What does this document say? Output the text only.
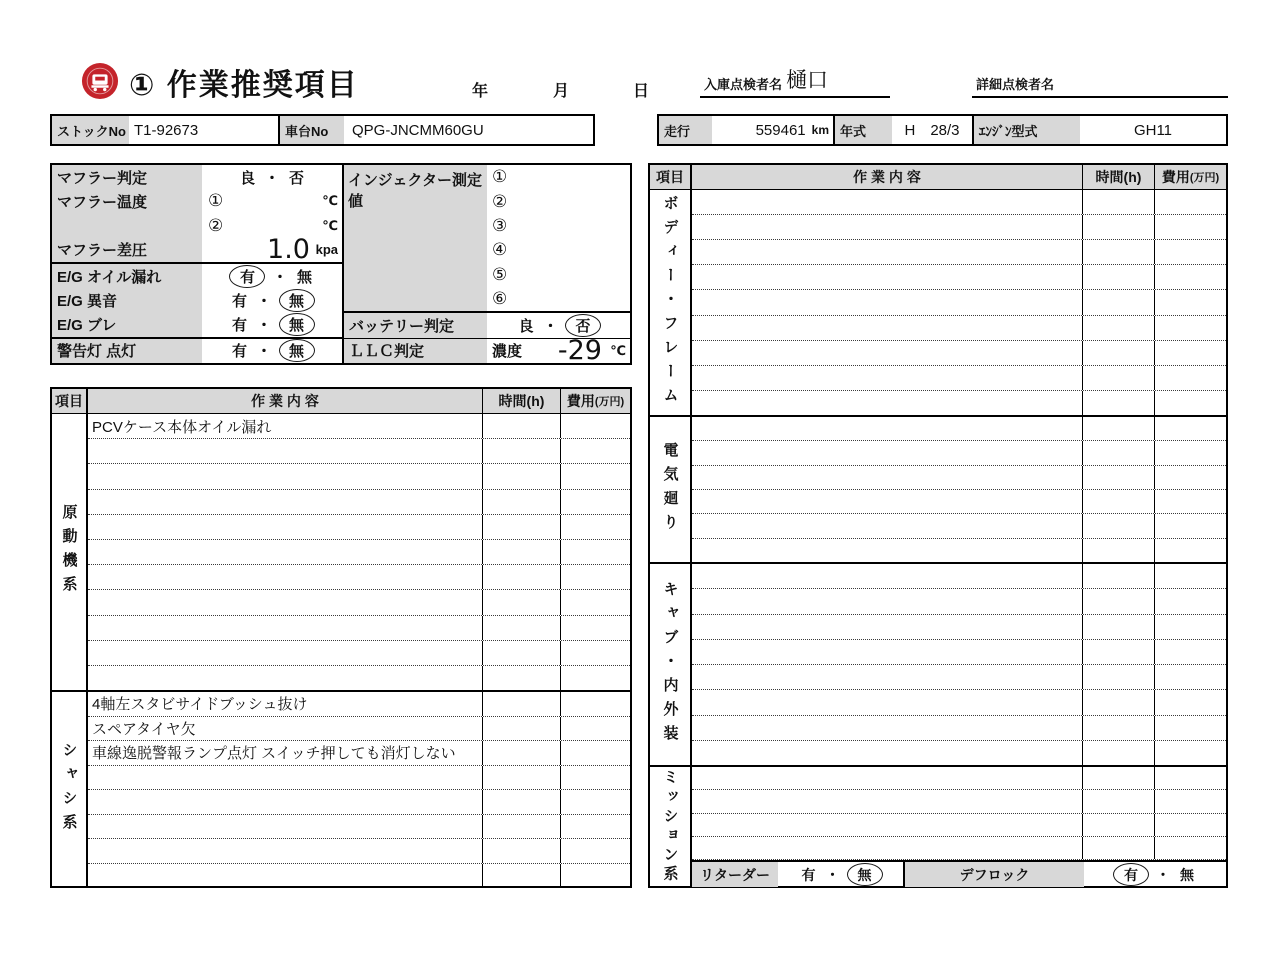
① 作業推奨項目	年	月	日	入庫点検者名 樋口	詳細点検者名
ストックNo T1-92673	車台No	QPG-JNCMM60GU	走行	559461 km 年式	H 28/3	ｴﾝｼﾞﾝ型式	GH11
マフラー判定	良 ・ 否
マフラー温度	①	℃
②	℃
マフラー差圧	1.0 kpa
E/G オイル漏れ	有	・ 無
E/G 異音	有 ・	無
E/G ブレ	有 ・	無
警告灯 点灯	有 ・	無
インジェクター測定値
①
②
③
④
⑤
⑥
バッテリー判定	良 ・	否
ＬＬＣ判定	濃度 -29 ℃
項目	作 業 内 容	時間(h)	費用 (万円)
原動機系
PCVケース本体オイル漏れ
シャシ系
4軸左スタビサイドブッシュ抜け
スペアタイヤ欠
車線逸脱警報ランプ点灯 スイッチ押しても消灯しない
項目	作 業 内 容	時間(h)	費用 (万円)
ボディー・フレーム
電気廻り
キャブ・内外装
ミッション系	リターダー	有 ・	無	デフロック	有	・ 無
